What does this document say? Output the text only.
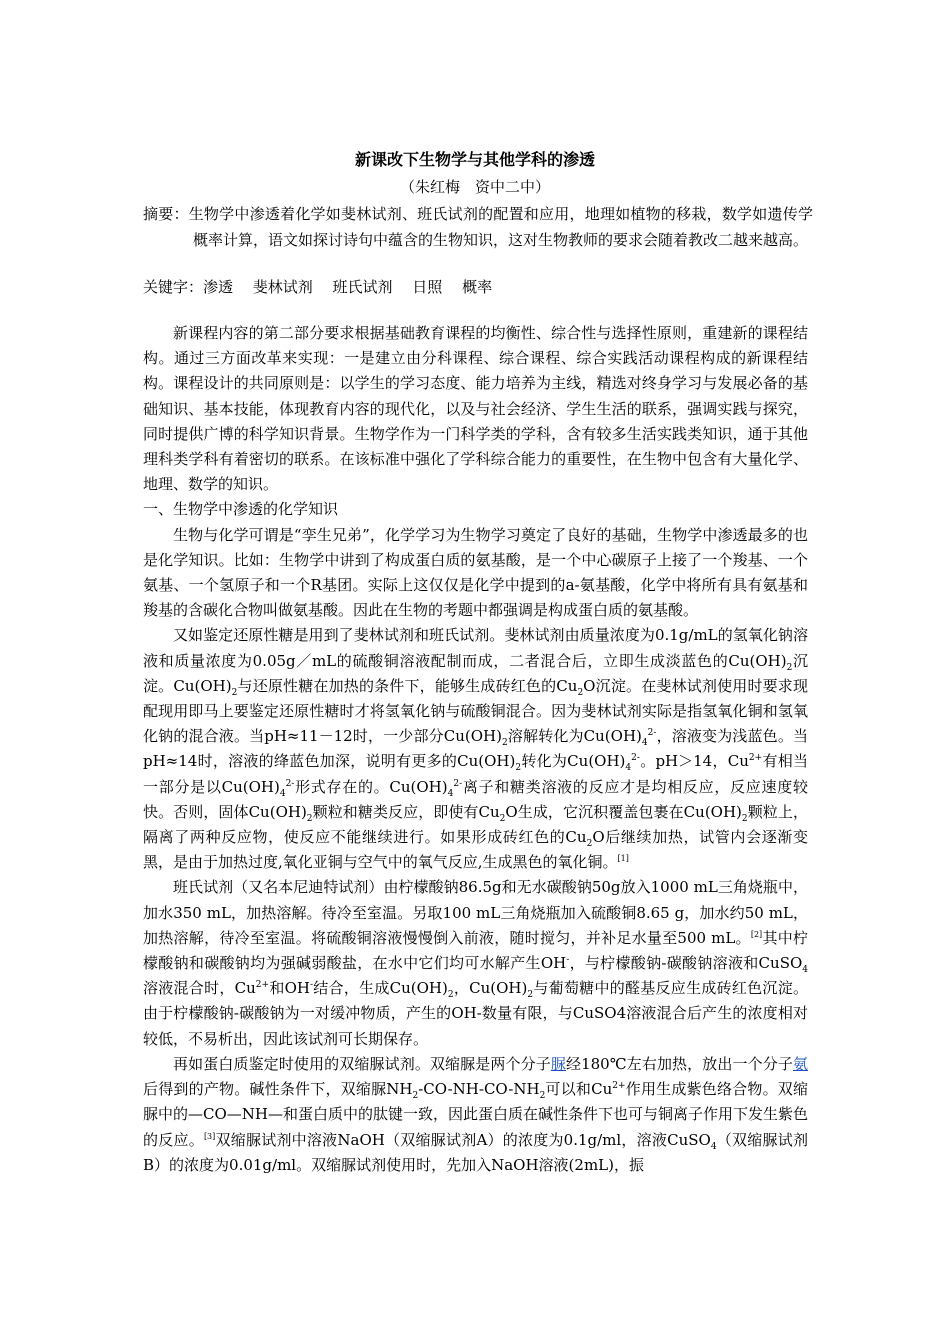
新课改下生物学与其他学科的渗透
（朱红梅　资中二中）
摘要：生物学中渗透着化学如斐林试剂、班氏试剂的配置和应用，地理如植物的移栽，数学如遗传学概率计算，语文如探讨诗句中蕴含的生物知识，这对生物教师的要求会随着教改二越来越高。
关键字：渗透　 斐林试剂　 班氏试剂　 日照　 概率

新课程内容的第二部分要求根据基础教育课程的均衡性、综合性与选择性原则，重建新的课程结构。通过三方面改革来实现：一是建立由分科课程、综合课程、综合实践活动课程构成的新课程结构。课程设计的共同原则是：以学生的学习态度、能力培养为主线，精选对终身学习与发展必备的基础知识、基本技能，体现教育内容的现代化，以及与社会经济、学生生活的联系，强调实践与探究，同时提供广博的科学知识背景。生物学作为一门科学类的学科，含有较多生活实践类知识，通于其他理科类学科有着密切的联系。在该标准中强化了学科综合能力的重要性，在生物中包含有大量化学、地理、数学的知识。

一、生物学中渗透的化学知识

生物与化学可谓是“孪生兄弟”，化学学习为生物学习奠定了良好的基础，生物学中渗透最多的也是化学知识。比如：生物学中讲到了构成蛋白质的氨基酸，是一个中心碳原子上接了一个羧基、一个氨基、一个氢原子和一个R基团。实际上这仅仅是化学中提到的a-氨基酸，化学中将所有具有氨基和羧基的含碳化合物叫做氨基酸。因此在生物的考题中都强调是构成蛋白质的氨基酸。

又如鉴定还原性糖是用到了斐林试剂和班氏试剂。斐林试剂由质量浓度为0.1g/mL的氢氧化钠溶液和质量浓度为0.05g／mL的硫酸铜溶液配制而成，二者混合后，立即生成淡蓝色的$Cu(OH)_2$沉淀。$Cu(OH)_2$与还原性糖在加热的条件下，能够生成砖红色的$Cu_2O$沉淀。在斐林试剂使用时要求现配现用即马上要鉴定还原性糖时才将氢氧化钠与硫酸铜混合。因为斐林试剂实际是指氢氧化铜和氢氧化钠的混合液。当pH≈11－12时，一少部分$Cu(OH)_2$溶解转化为$Cu(OH)_4^{2-}$，溶液变为浅蓝色。当pH≈14时，溶液的绛蓝色加深，说明有更多的$Cu(OH)_2$转化为$Cu(OH)_4^{2-}$。pH＞14，$Cu^{2+}$有相当一部分是以$Cu(OH)_4^{2-}$形式存在的。$Cu(OH)_4^{2-}$离子和糖类溶液的反应才是均相反应，反应速度较快。否则，固体$Cu(OH)_2$颗粒和糖类反应，即使有$Cu_2O$生成，它沉积覆盖包裹在$Cu(OH)_2$颗粒上，隔离了两种反应物，使反应不能继续进行。如果形成砖红色的$Cu_2O$后继续加热，试管内会逐渐变黑，是由于加热过度,氧化亚铜与空气中的氧气反应,生成黑色的氧化铜。[1]

班氏试剂（又名本尼迪特试剂）由柠檬酸钠86.5g和无水碳酸钠50g放入1000 mL三角烧瓶中，加水350 mL，加热溶解。待冷至室温。另取100 mL三角烧瓶加入硫酸铜8.65 g，加水约50 mL，加热溶解，待冷至室温。将硫酸铜溶液慢慢倒入前液，随时搅匀，并补足水量至500 mL。[2]其中柠檬酸钠和碳酸钠均为强碱弱酸盐，在水中它们均可水解产生OH-，与柠檬酸钠-碳酸钠溶液和CuSO$_4$溶液混合时，$Cu^{2+}$和OH-结合，生成$Cu(OH)_2$，$Cu(OH)_2$与葡萄糖中的醛基反应生成砖红色沉淀。由于柠檬酸钠-碳酸钠为一对缓冲物质，产生的OH-数量有限，与CuSO4溶液混合后产生的浓度相对较低，不易析出，因此该试剂可长期保存。

再如蛋白质鉴定时使用的双缩脲试剂。双缩脲是两个分子脲经180℃左右加热，放出一个分子氨后得到的产物。碱性条件下，双缩脲$NH_2-CO-NH-CO-NH_2$可以和$Cu^{2+}$作用生成紫色络合物。双缩脲中的—CO—NH—和蛋白质中的肽键一致，因此蛋白质在碱性条件下也可与铜离子作用下发生紫色的反应。[3]双缩脲试剂中溶液NaOH（双缩脲试剂A）的浓度为0.1g/ml，溶液CuSO$_4$（双缩脲试剂B）的浓度为0.01g/ml。双缩脲试剂使用时，先加入NaOH溶液(2mL)，振
